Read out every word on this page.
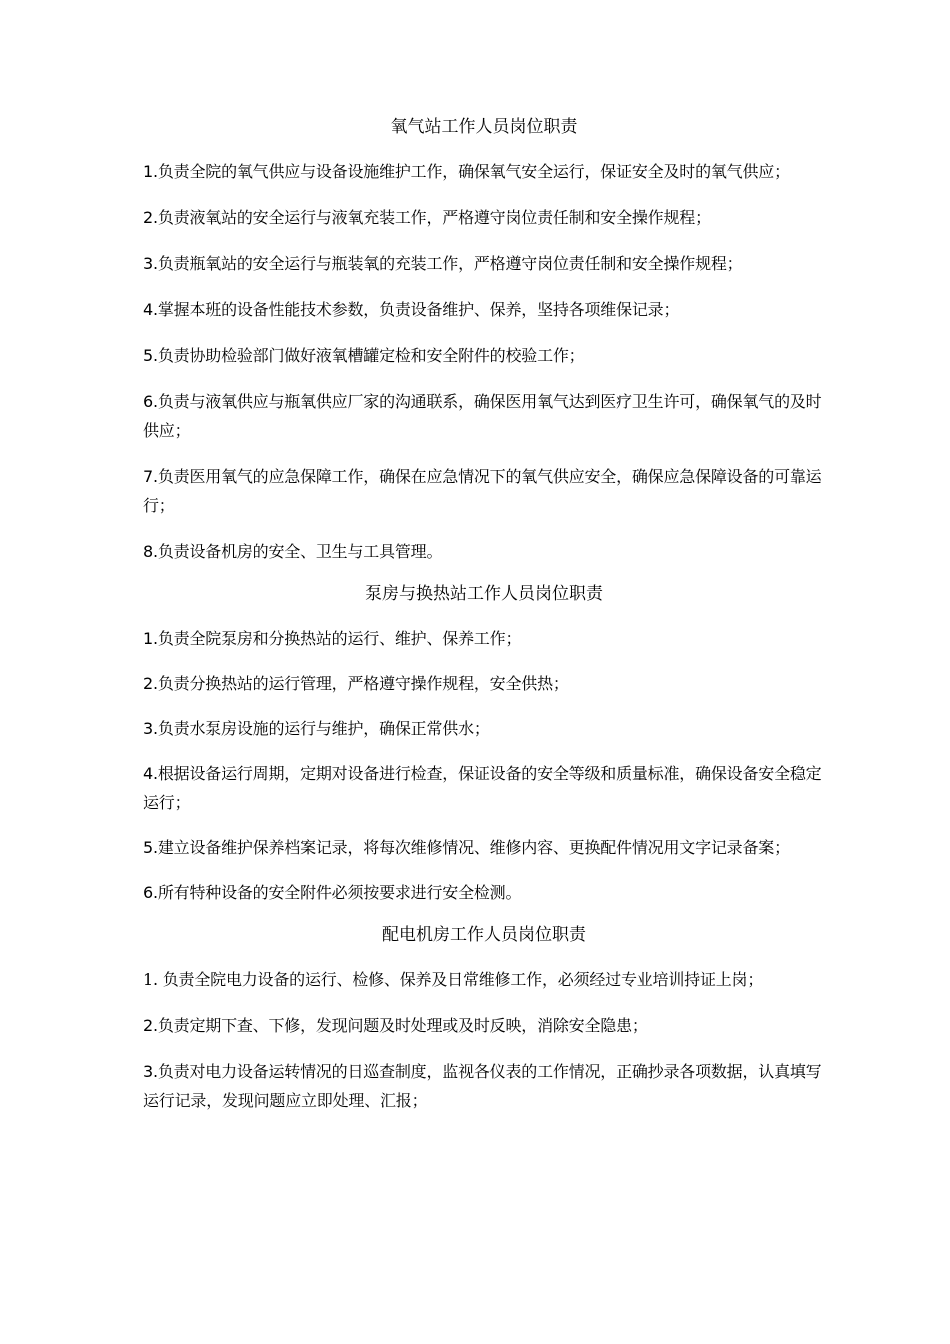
氧气站工作人员岗位职责

1.负责全院的氧气供应与设备设施维护工作，确保氧气安全运行，保证安全及时的氧气供应；

2.负责液氧站的安全运行与液氧充装工作，严格遵守岗位责任制和安全操作规程；

3.负责瓶氧站的安全运行与瓶装氧的充装工作，严格遵守岗位责任制和安全操作规程；

4.掌握本班的设备性能技术参数，负责设备维护、保养，坚持各项维保记录；

5.负责协助检验部门做好液氧槽罐定检和安全附件的校验工作；

6.负责与液氧供应与瓶氧供应厂家的沟通联系，确保医用氧气达到医疗卫生许可，确保氧气的及时供应；

7.负责医用氧气的应急保障工作，确保在应急情况下的氧气供应安全，确保应急保障设备的可靠运行；

8.负责设备机房的安全、卫生与工具管理。

泵房与换热站工作人员岗位职责

1.负责全院泵房和分换热站的运行、维护、保养工作；

2.负责分换热站的运行管理，严格遵守操作规程，安全供热；

3.负责水泵房设施的运行与维护，确保正常供水；

4.根据设备运行周期，定期对设备进行检查，保证设备的安全等级和质量标准，确保设备安全稳定运行；

5.建立设备维护保养档案记录，将每次维修情况、维修内容、更换配件情况用文字记录备案；

6.所有特种设备的安全附件必须按要求进行安全检测。

配电机房工作人员岗位职责

1. 负责全院电力设备的运行、检修、保养及日常维修工作，必须经过专业培训持证上岗；

2.负责定期下查、下修，发现问题及时处理或及时反映，消除安全隐患；

3.负责对电力设备运转情况的日巡查制度，监视各仪表的工作情况，正确抄录各项数据，认真填写运行记录，发现问题应立即处理、汇报；
